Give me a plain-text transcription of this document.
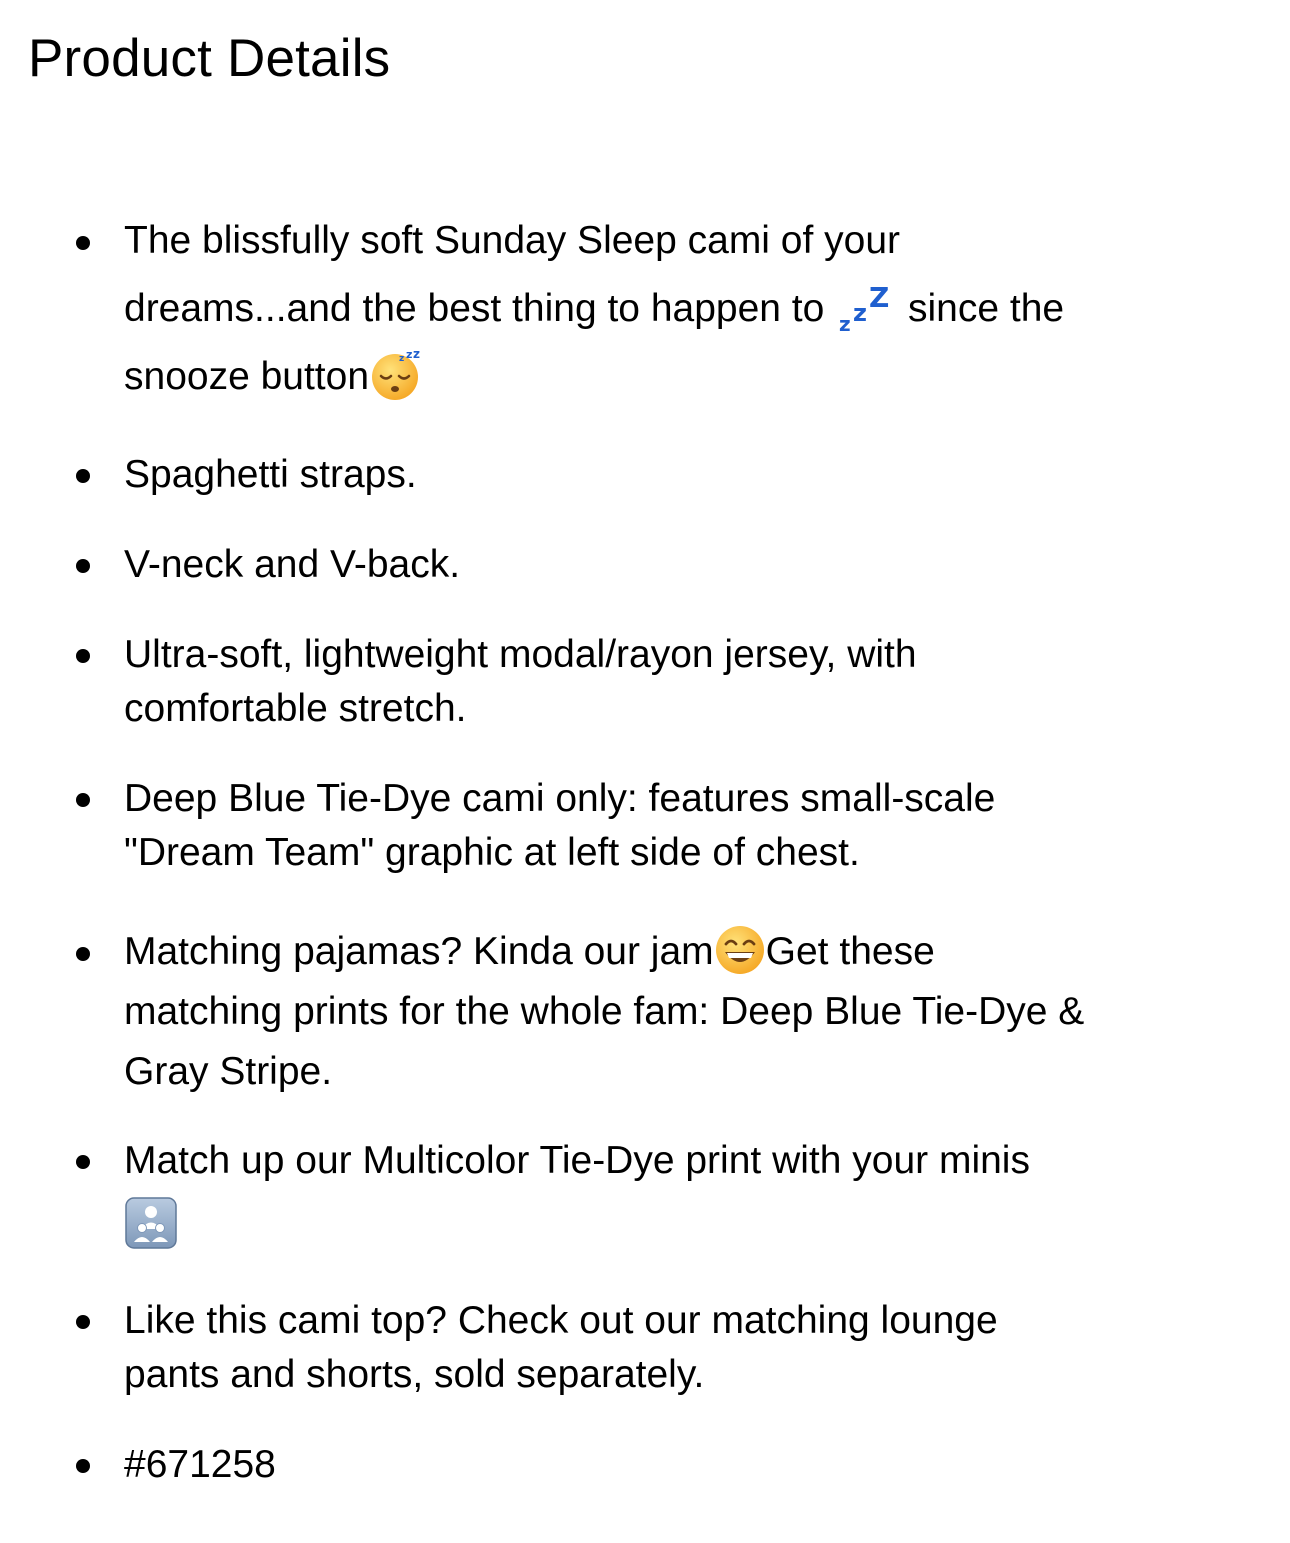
Product Details
The blissfully soft Sunday Sleep cami of your
dreams...and the best thing to happen to z z Z since the
snooze button	z z z
Spaghetti straps.
V-neck and V-back.
Ultra-soft, lightweight modal/rayon jersey, with
comfortable stretch.
Deep Blue Tie-Dye cami only: features small-scale
"Dream Team" graphic at left side of chest.
Matching pajamas? Kinda our jam Get these
matching prints for the whole fam: Deep Blue Tie-Dye &
Gray Stripe.
Match up our Multicolor Tie-Dye print with your minis

Like this cami top? Check out our matching lounge
pants and shorts, sold separately.
#671258
